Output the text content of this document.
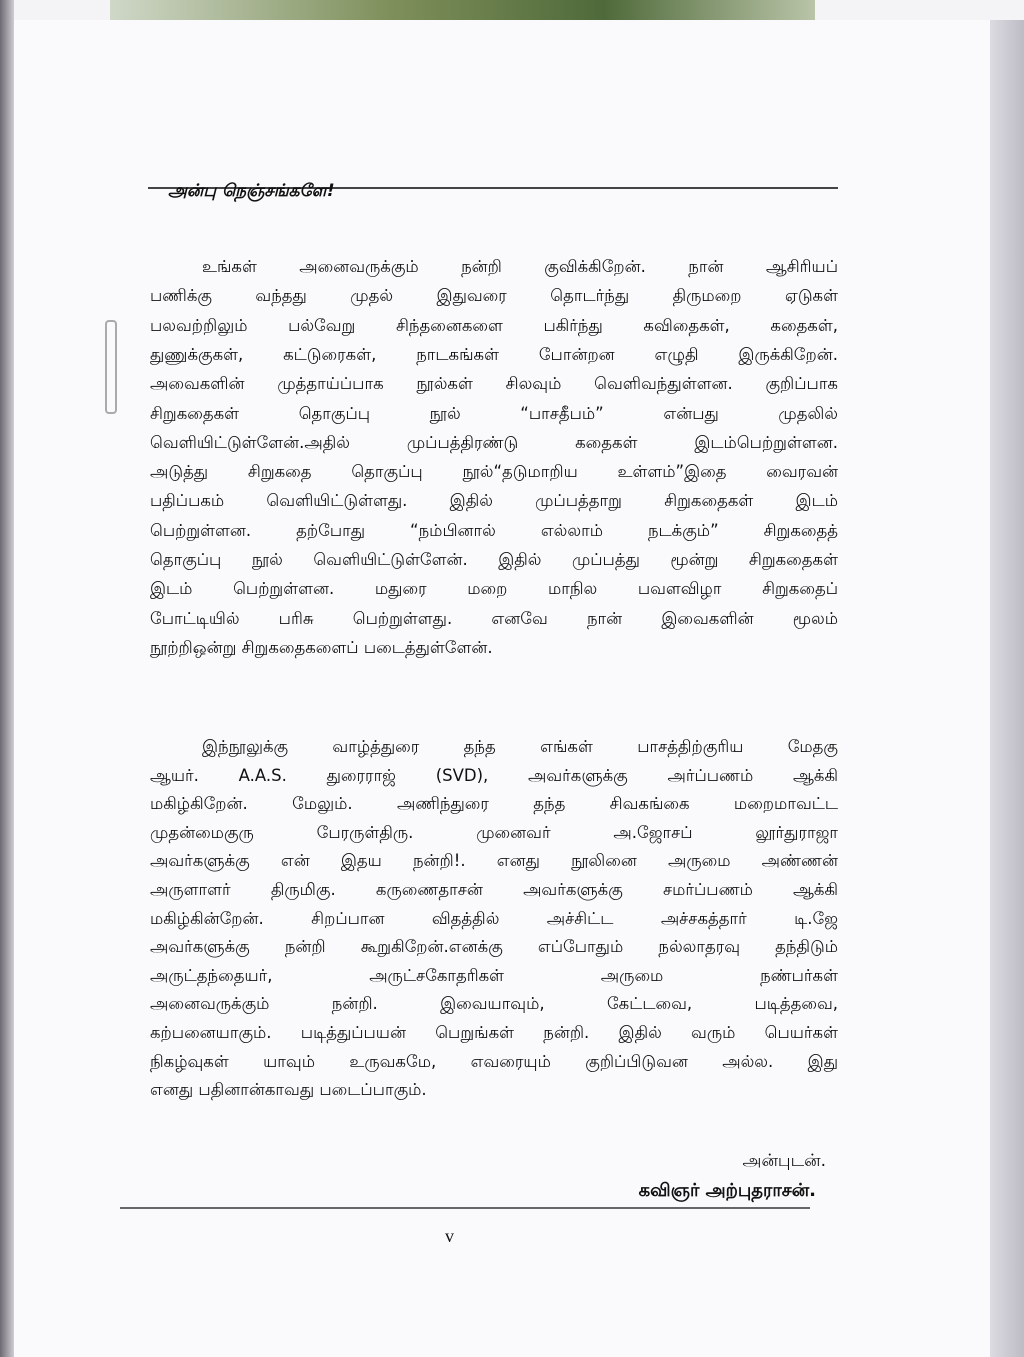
அன்பு நெஞ்சங்களே!
உங்கள் அனைவருக்கும் நன்றி குவிக்கிறேன். நான் ஆசிரியப்
பணிக்கு வந்தது முதல் இதுவரை தொடர்ந்து திருமறை ஏடுகள்
பலவற்றிலும் பல்வேறு சிந்தனைகளை பகிர்ந்து கவிதைகள், கதைகள்,
துணுக்குகள், கட்டுரைகள், நாடகங்கள் போன்றன எழுதி இருக்கிறேன்.
அவைகளின் முத்தாய்ப்பாக நூல்கள் சிலவும் வெளிவந்துள்ளன. குறிப்பாக
சிறுகதைகள் தொகுப்பு நூல் “பாசதீபம்” என்பது முதலில்
வெளியிட்டுள்ளேன்.அதில் முப்பத்திரண்டு கதைகள் இடம்பெற்றுள்ளன.
அடுத்து சிறுகதை தொகுப்பு நூல்“தடுமாறிய உள்ளம்”இதை வைரவன்
பதிப்பகம் வெளியிட்டுள்ளது. இதில் முப்பத்தாறு சிறுகதைகள் இடம்
பெற்றுள்ளன. தற்போது “நம்பினால் எல்லாம் நடக்கும்” சிறுகதைத்
தொகுப்பு நூல் வெளியிட்டுள்ளேன். இதில் முப்பத்து மூன்று சிறுகதைகள்
இடம் பெற்றுள்ளன. மதுரை மறை மாநில பவளவிழா சிறுகதைப்
போட்டியில் பரிசு பெற்றுள்ளது. எனவே நான் இவைகளின் மூலம்
நூற்றிஒன்று சிறுகதைகளைப் படைத்துள்ளேன்.
இந்நூலுக்கு வாழ்த்துரை தந்த எங்கள் பாசத்திற்குரிய மேதகு
ஆயர். A.A.S. துரைராஜ் (SVD), அவர்களுக்கு அர்ப்பணம் ஆக்கி
மகிழ்கிறேன். மேலும். அணிந்துரை தந்த சிவகங்கை மறைமாவட்ட
முதன்மைகுரு பேரருள்திரு. முனைவர் அ.ஜோசப் லூர்துராஜா
அவர்களுக்கு என் இதய நன்றி!. எனது நூலினை அருமை அண்ணன்
அருளாளர் திருமிகு. கருணைதாசன் அவர்களுக்கு சமர்ப்பணம் ஆக்கி
மகிழ்கின்றேன். சிறப்பான விதத்தில் அச்சிட்ட அச்சகத்தார் டி.ஜே
அவர்களுக்கு நன்றி கூறுகிறேன்.எனக்கு எப்போதும் நல்லாதரவு தந்திடும்
அருட்தந்தையர், அருட்சகோதரிகள் அருமை நண்பர்கள்
அனைவருக்கும் நன்றி. இவையாவும், கேட்டவை, படித்தவை,
கற்பனையாகும். படித்துப்பயன் பெறுங்கள் நன்றி. இதில் வரும் பெயர்கள்
நிகழ்வுகள் யாவும் உருவகமே, எவரையும் குறிப்பிடுவன அல்ல. இது
எனது பதினான்காவது படைப்பாகும்.
அன்புடன்.
கவிஞர் அற்புதராசன்.
v
